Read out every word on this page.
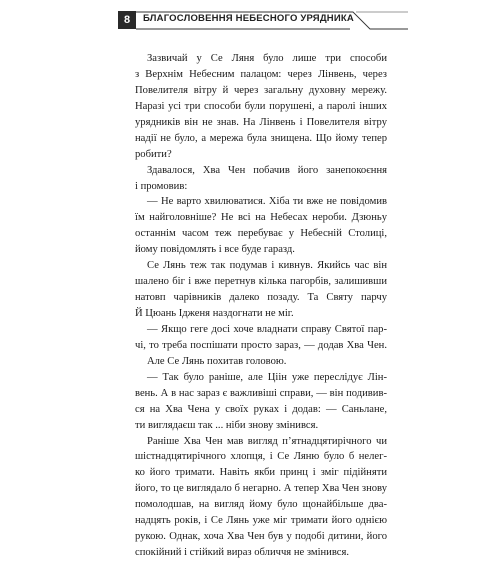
8	БЛАГОСЛОВЕННЯ НЕБЕСНОГО УРЯДНИКА
Зазвичай у Се Ляня було лише три способи
з Верхнім Небесним палацом: через Лінвень, через
Повелителя вітру й через загальну духовну мережу.
Наразі усі три способи були порушені, а паролі інших
урядників він не знав. На Лінвень і Повелителя вітру
надії не було, а мережа була знищена. Що йому тепер
робити?
Здавалося, Хва Чен побачив його занепокоєння
і промовив:
— Не варто хвилюватися. Хіба ти вже не повідомив
їм найголовніше? Не всі на Небесах нероби. Дзюньу
останнім часом теж перебуває у Небесній Столиці,
йому повідомлять і все буде гаразд.
Се Лянь теж так подумав і кивнув. Якийсь час він
шалено біг і вже перетнув кілька пагорбів, залишивши
натовп чарівників далеко позаду. Та Святу парчу
Й Цюань Ідженя наздогнати не міг.
— Якщо геге досі хоче владнати справу Святої пар-
чі, то треба поспішати просто зараз, — додав Хва Чен.
Але Се Лянь похитав головою.
— Так було раніше, але Ціін уже переслідує Лін-
вень. А в нас зараз є важливіші справи, — він подивив-
ся на Хва Чена у своїх руках і додав: — Саньлане,
ти виглядаєш так ... ніби знову змінився.
Раніше Хва Чен мав вигляд п’ятнадцятирічного чи
шістнадцятирічного хлопця, і Се Ляню було б нелег-
ко його тримати. Навіть якби принц і зміг підійняти
його, то це виглядало б негарно. А тепер Хва Чен знову
помолодшав, на вигляд йому було щонайбільше два-
надцять років, і Се Лянь уже міг тримати його однією
рукою. Однак, хоча Хва Чен був у подобі дитини, його
спокійний і стійкий вираз обличчя не змінився.
